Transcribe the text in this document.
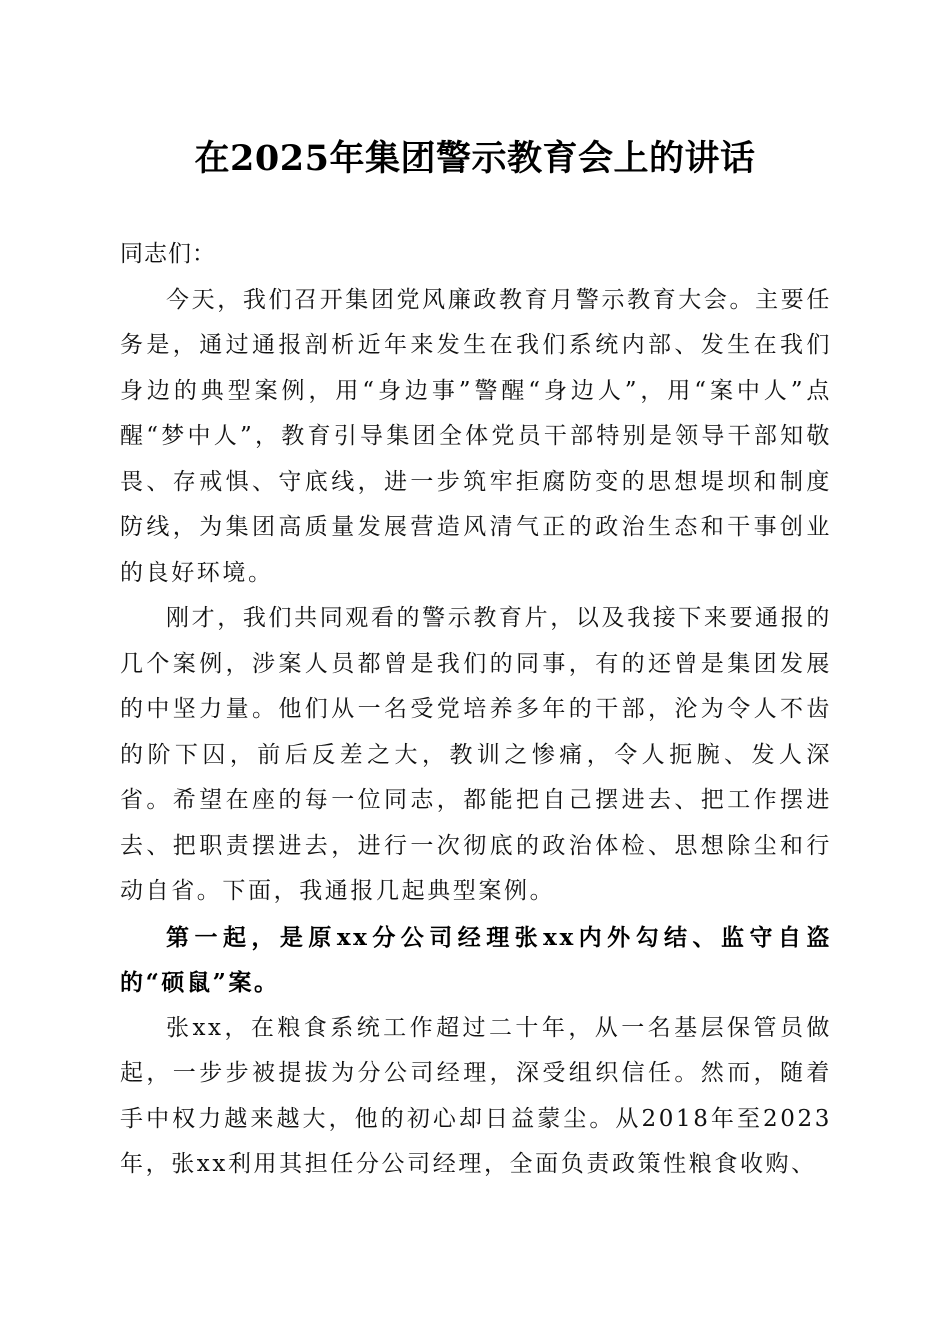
在2025年集团警示教育会上的讲话

同志们：

今天，我们召开集团党风廉政教育月警示教育大会。主要任务是，通过通报剖析近年来发生在我们系统内部、发生在我们身边的典型案例，用“身边事”警醒“身边人”，用“案中人”点醒“梦中人”，教育引导集团全体党员干部特别是领导干部知敬畏、存戒惧、守底线，进一步筑牢拒腐防变的思想堤坝和制度防线，为集团高质量发展营造风清气正的政治生态和干事创业的良好环境。

刚才，我们共同观看的警示教育片，以及我接下来要通报的几个案例，涉案人员都曾是我们的同事，有的还曾是集团发展的中坚力量。他们从一名受党培养多年的干部，沦为令人不齿的阶下囚，前后反差之大，教训之惨痛，令人扼腕、发人深省。希望在座的每一位同志，都能把自己摆进去、把工作摆进去、把职责摆进去，进行一次彻底的政治体检、思想除尘和行动自省。下面，我通报几起典型案例。

第一起，是原xx分公司经理张xx内外勾结、监守自盗的“硕鼠”案。

张xx，在粮食系统工作超过二十年，从一名基层保管员做起，一步步被提拔为分公司经理，深受组织信任。然而，随着手中权力越来越大，他的初心却日益蒙尘。从2018年至2023年，张xx利用其担任分公司经理，全面负责政策性粮食收购、
